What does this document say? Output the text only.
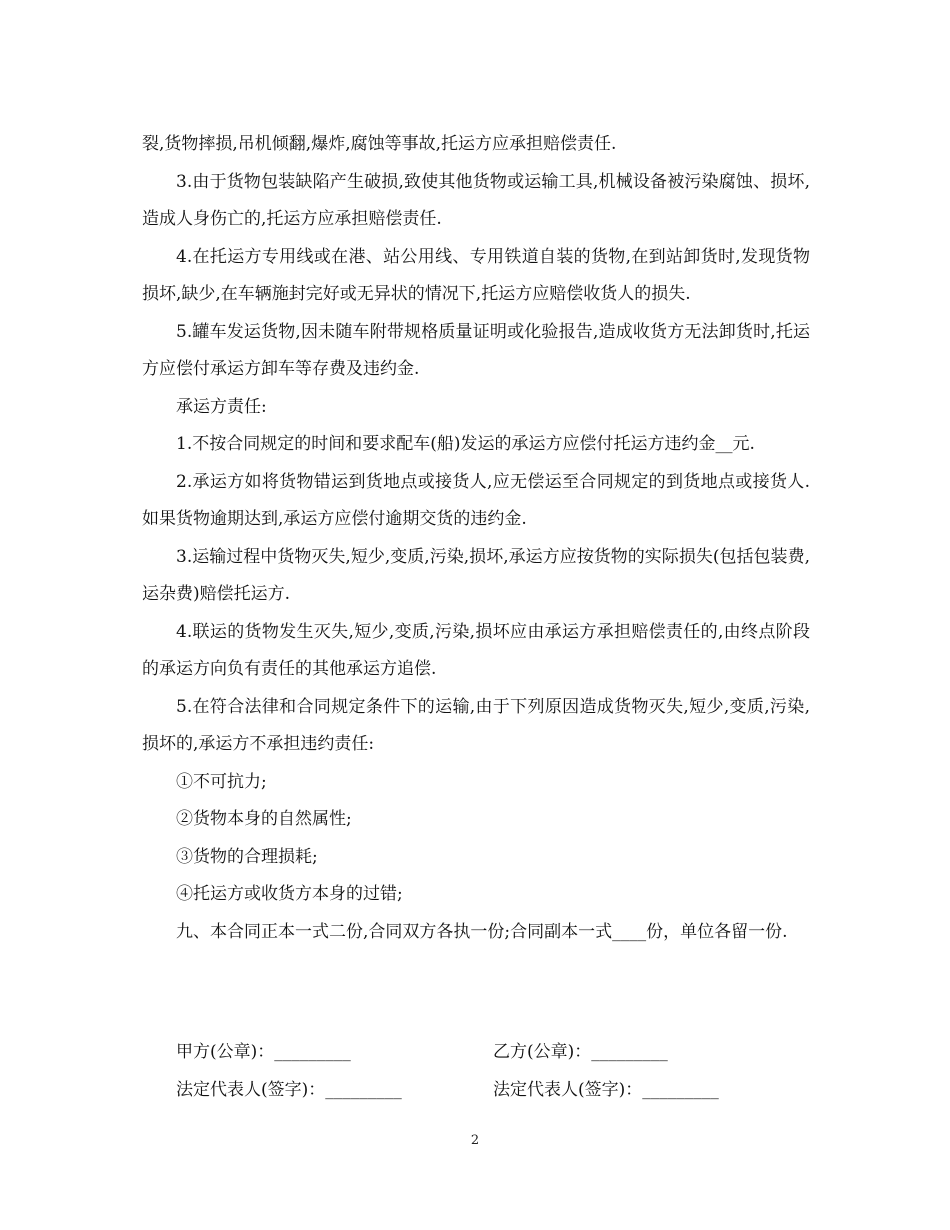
裂,货物摔损,吊机倾翻,爆炸,腐蚀等事故,托运方应承担赔偿责任.

3.由于货物包装缺陷产生破损,致使其他货物或运输工具,机械设备被污染腐蚀、损坏,造成人身伤亡的,托运方应承担赔偿责任.

4.在托运方专用线或在港、站公用线、专用铁道自装的货物,在到站卸货时,发现货物损坏,缺少,在车辆施封完好或无异状的情况下,托运方应赔偿收货人的损失.

5.罐车发运货物,因未随车附带规格质量证明或化验报告,造成收货方无法卸货时,托运方应偿付承运方卸车等存费及违约金.

承运方责任:

1.不按合同规定的时间和要求配车(船)发运的承运方应偿付托运方违约金__元.

2.承运方如将货物错运到货地点或接货人,应无偿运至合同规定的到货地点或接货人.如果货物逾期达到,承运方应偿付逾期交货的违约金.

3.运输过程中货物灭失,短少,变质,污染,损坏,承运方应按货物的实际损失(包括包装费,运杂费)赔偿托运方.

4.联运的货物发生灭失,短少,变质,污染,损坏应由承运方承担赔偿责任的,由终点阶段的承运方向负有责任的其他承运方追偿.

5.在符合法律和合同规定条件下的运输,由于下列原因造成货物灭失,短少,变质,污染,损坏的,承运方不承担违约责任:

①不可抗力;

②货物本身的自然属性;

③货物的合理损耗;

④托运方或收货方本身的过错;

九、本合同正本一式二份,合同双方各执一份;合同副本一式____份，单位各留一份.

甲方(公章)：_________	乙方(公章)：_________
法定代表人(签字)：_________	法定代表人(签字)：_________
2
